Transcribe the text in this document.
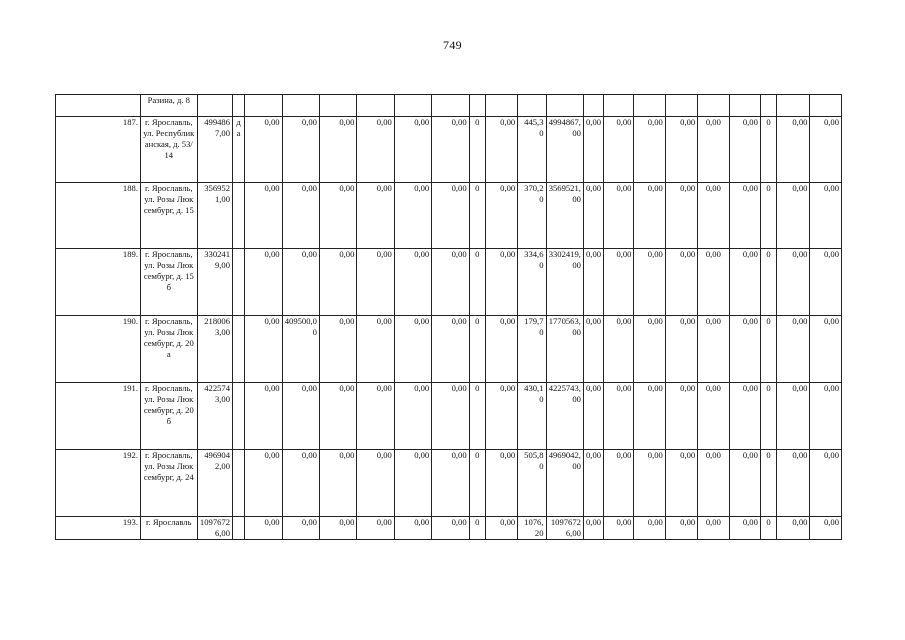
749
	Разина, д. 8																					
187.	г. Ярославль, ул. Республиканская, д. 53/14	4994867,00	да	0,00	0,00	0,00	0,00	0,00	0,00	0	0,00	445,30	4994867,00	0,00	0,00	0,00	0,00	0,00	0,00	0	0,00	0,00
188.	г. Ярославль, ул. Розы Люксембург, д. 15	3569521,00		0,00	0,00	0,00	0,00	0,00	0,00	0	0,00	370,20	3569521,00	0,00	0,00	0,00	0,00	0,00	0,00	0	0,00	0,00
189.	г. Ярославль, ул. Розы Люксембург, д. 15б	3302419,00		0,00	0,00	0,00	0,00	0,00	0,00	0	0,00	334,60	3302419,00	0,00	0,00	0,00	0,00	0,00	0,00	0	0,00	0,00
190.	г. Ярославль, ул. Розы Люксембург, д. 20а	2180063,00		0,00	409500,00	0,00	0,00	0,00	0,00	0	0,00	179,70	1770563,00	0,00	0,00	0,00	0,00	0,00	0,00	0	0,00	0,00
191.	г. Ярославль, ул. Розы Люксембург, д. 20б	4225743,00		0,00	0,00	0,00	0,00	0,00	0,00	0	0,00	430,10	4225743,00	0,00	0,00	0,00	0,00	0,00	0,00	0	0,00	0,00
192.	г. Ярославль, ул. Розы Люксембург, д. 24	4969042,00		0,00	0,00	0,00	0,00	0,00	0,00	0	0,00	505,80	4969042,00	0,00	0,00	0,00	0,00	0,00	0,00	0	0,00	0,00
193.	г. Ярославль	10976726,00		0,00	0,00	0,00	0,00	0,00	0,00	0	0,00	1076,20	10976726,00	0,00	0,00	0,00	0,00	0,00	0,00	0	0,00	0,00
